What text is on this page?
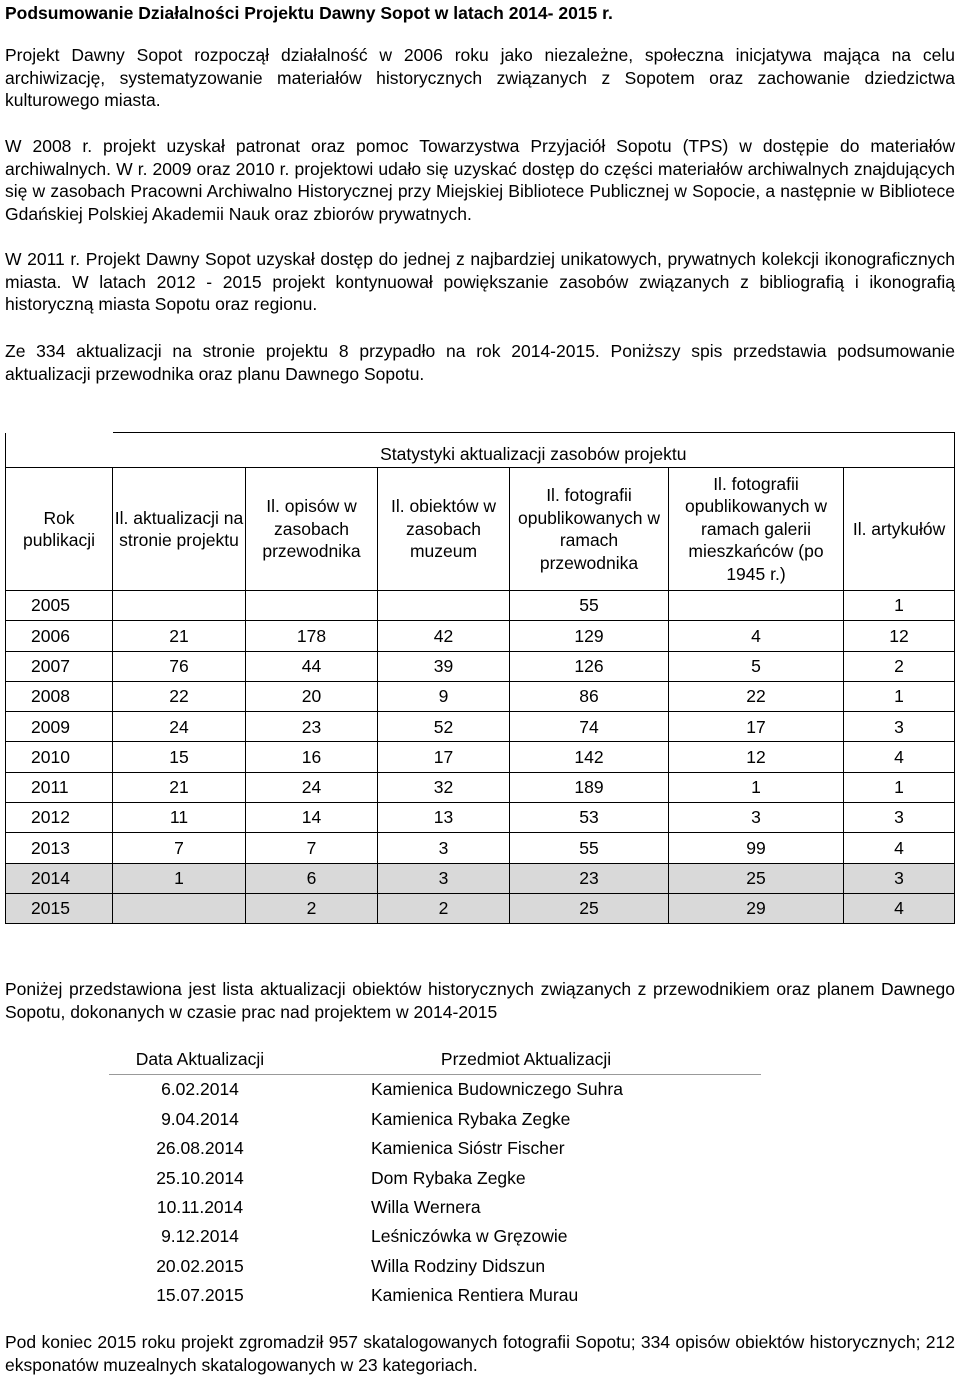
Podsumowanie Działalności Projektu Dawny Sopot w latach 2014- 2015 r.

Projekt Dawny Sopot rozpoczął działalność w 2006 roku jako niezależne, społeczna inicjatywa mająca na celu archiwizację, systematyzowanie materiałów historycznych związanych z Sopotem oraz zachowanie dziedzictwa kulturowego miasta.

W 2008 r. projekt uzyskał patronat oraz pomoc Towarzystwa Przyjaciół Sopotu (TPS) w dostępie do materiałów archiwalnych. W r. 2009 oraz 2010 r. projektowi udało się uzyskać dostęp do części materiałów archiwalnych znajdujących się w zasobach Pracowni Archiwalno Historycznej przy Miejskiej Bibliotece Publicznej w Sopocie, a następnie w Bibliotece Gdańskiej Polskiej Akademii Nauk oraz zbiorów prywatnych.

W 2011 r. Projekt Dawny Sopot uzyskał dostęp do jednej z najbardziej unikatowych, prywatnych kolekcji ikonograficznych miasta. W latach 2012 - 2015 projekt kontynuował powiększanie zasobów związanych z bibliografią i ikonografią historyczną miasta Sopotu oraz regionu.

Ze 334 aktualizacji na stronie projektu 8 przypadło na rok 2014-2015. Poniższy spis przedstawia podsumowanie aktualizacji przewodnika oraz planu Dawnego Sopotu.

	Statystyki aktualizacji zasobów projektu					
Rok publikacji	Il. aktualizacji na stronie projektu	Il. opisów w zasobach przewodnika	Il. obiektów w zasobach muzeum	Il. fotografii opublikowanych w ramach przewodnika	Il. fotografii opublikowanych w ramach galerii mieszkańców (po 1945 r.)	Il. artykułów
2005				55		1
2006	21	178	42	129	4	12
2007	76	44	39	126	5	2
2008	22	20	9	86	22	1
2009	24	23	52	74	17	3
2010	15	16	17	142	12	4
2011	21	24	32	189	1	1
2012	11	14	13	53	3	3
2013	7	7	3	55	99	4
2014	1	6	3	23	25	3
2015		2	2	25	29	4

Poniżej przedstawiona jest lista aktualizacji obiektów historycznych związanych z przewodnikiem oraz planem Dawnego Sopotu, dokonanych w czasie prac nad projektem w 2014-2015

Data Aktualizacji	Przedmiot Aktualizacji
6.02.2014	Kamienica Budowniczego Suhra
9.04.2014	Kamienica Rybaka Zegke
26.08.2014	Kamienica Sióstr Fischer
25.10.2014	Dom Rybaka Zegke
10.11.2014	Willa Wernera
9.12.2014	Leśniczówka w Gręzowie
20.02.2015	Willa Rodziny Didszun
15.07.2015	Kamienica Rentiera Murau

Pod koniec 2015 roku projekt zgromadził 957 skatalogowanych fotografii Sopotu; 334 opisów obiektów historycznych; 212 eksponatów muzealnych skatalogowanych w 23 kategoriach.
